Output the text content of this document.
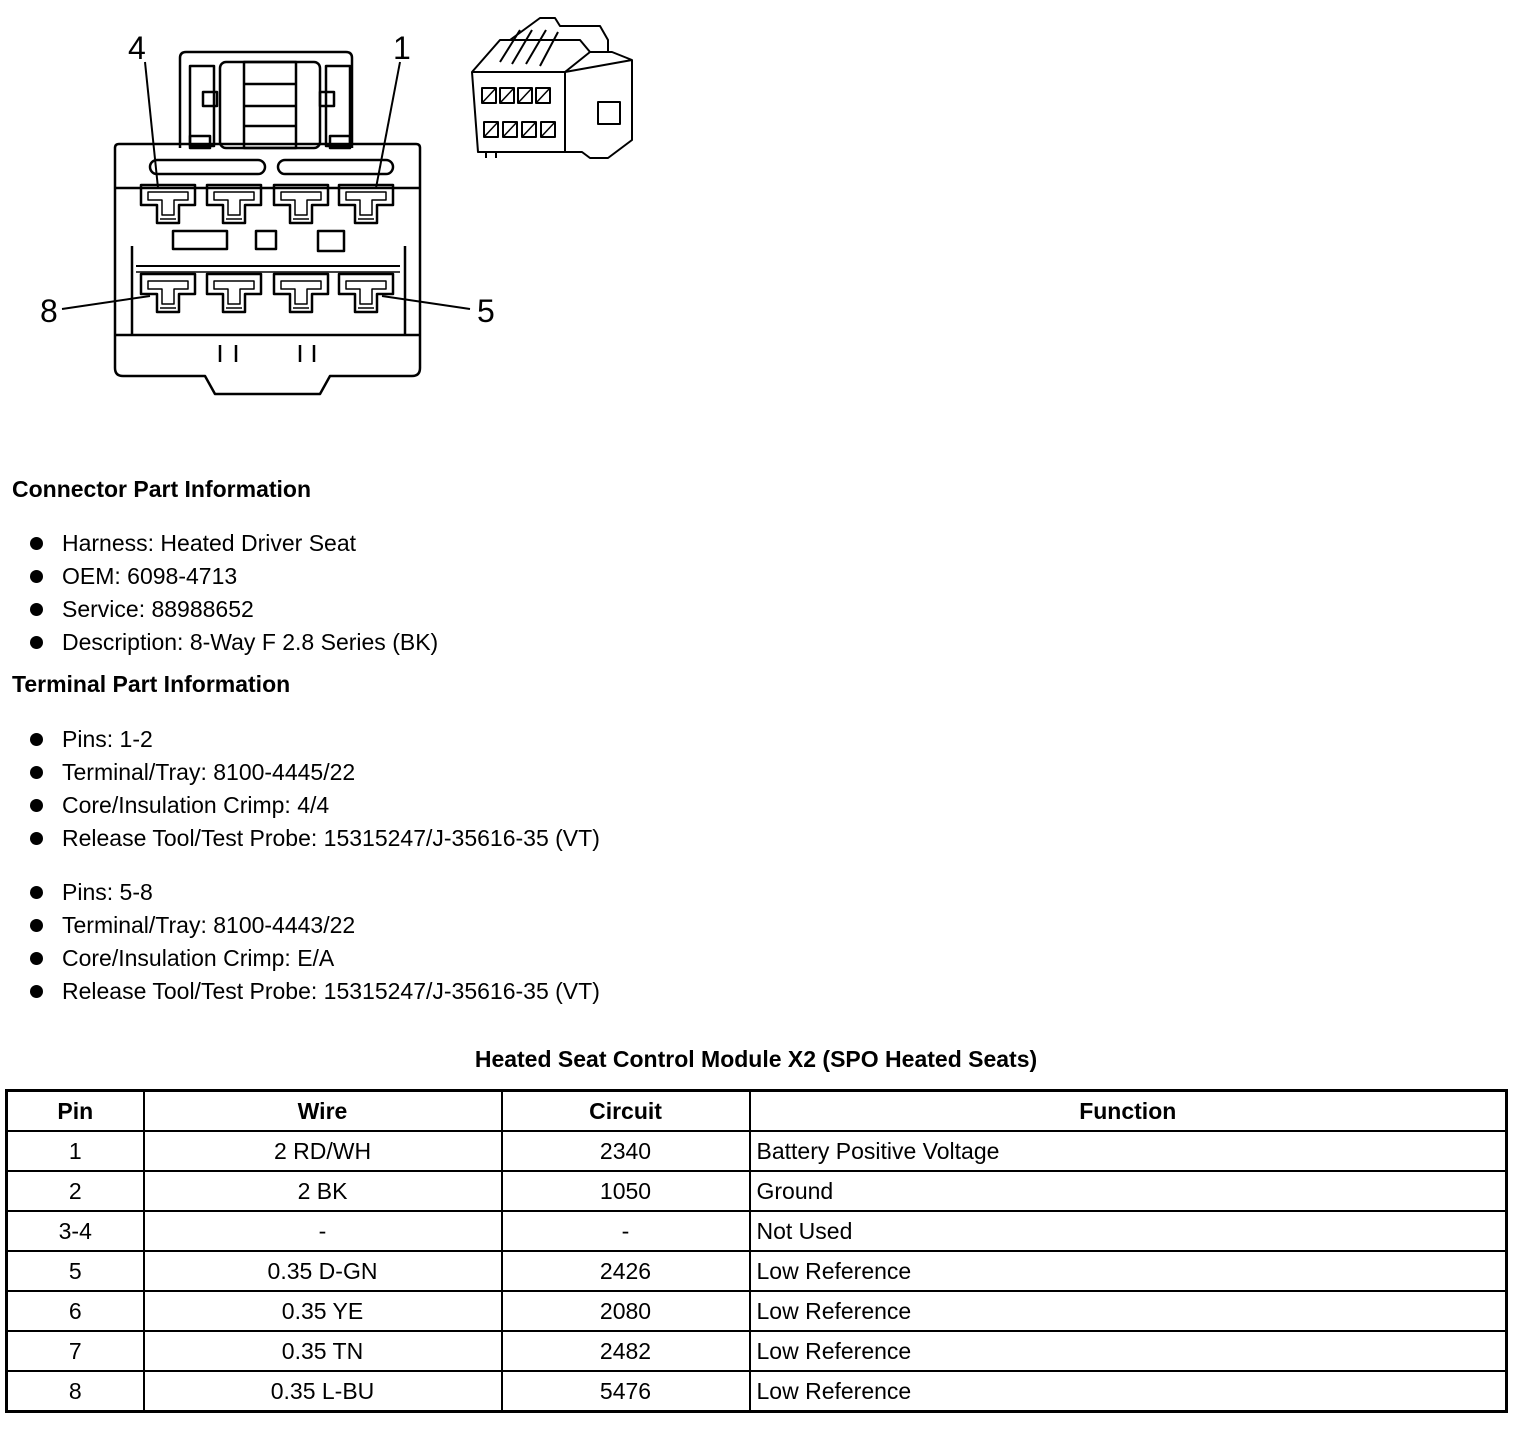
4	1
8	5
Connector Part Information
Harness: Heated Driver Seat
OEM: 6098-4713
Service: 88988652
Description: 8-Way F 2.8 Series (BK)
Terminal Part Information
Pins: 1-2
Terminal/Tray: 8100-4445/22
Core/Insulation Crimp: 4/4
Release Tool/Test Probe: 15315247/J-35616-35 (VT)
Pins: 5-8
Terminal/Tray: 8100-4443/22
Core/Insulation Crimp: E/A
Release Tool/Test Probe: 15315247/J-35616-35 (VT)
Heated Seat Control Module X2 (SPO Heated Seats)
Pin	Wire	Circuit	Function
1	2 RD/WH	2340	Battery Positive Voltage
2	2 BK	1050	Ground
3-4	-	-	Not Used
5	0.35 D-GN	2426	Low Reference
6	0.35 YE	2080	Low Reference
7	0.35 TN	2482	Low Reference
8	0.35 L-BU	5476	Low Reference
